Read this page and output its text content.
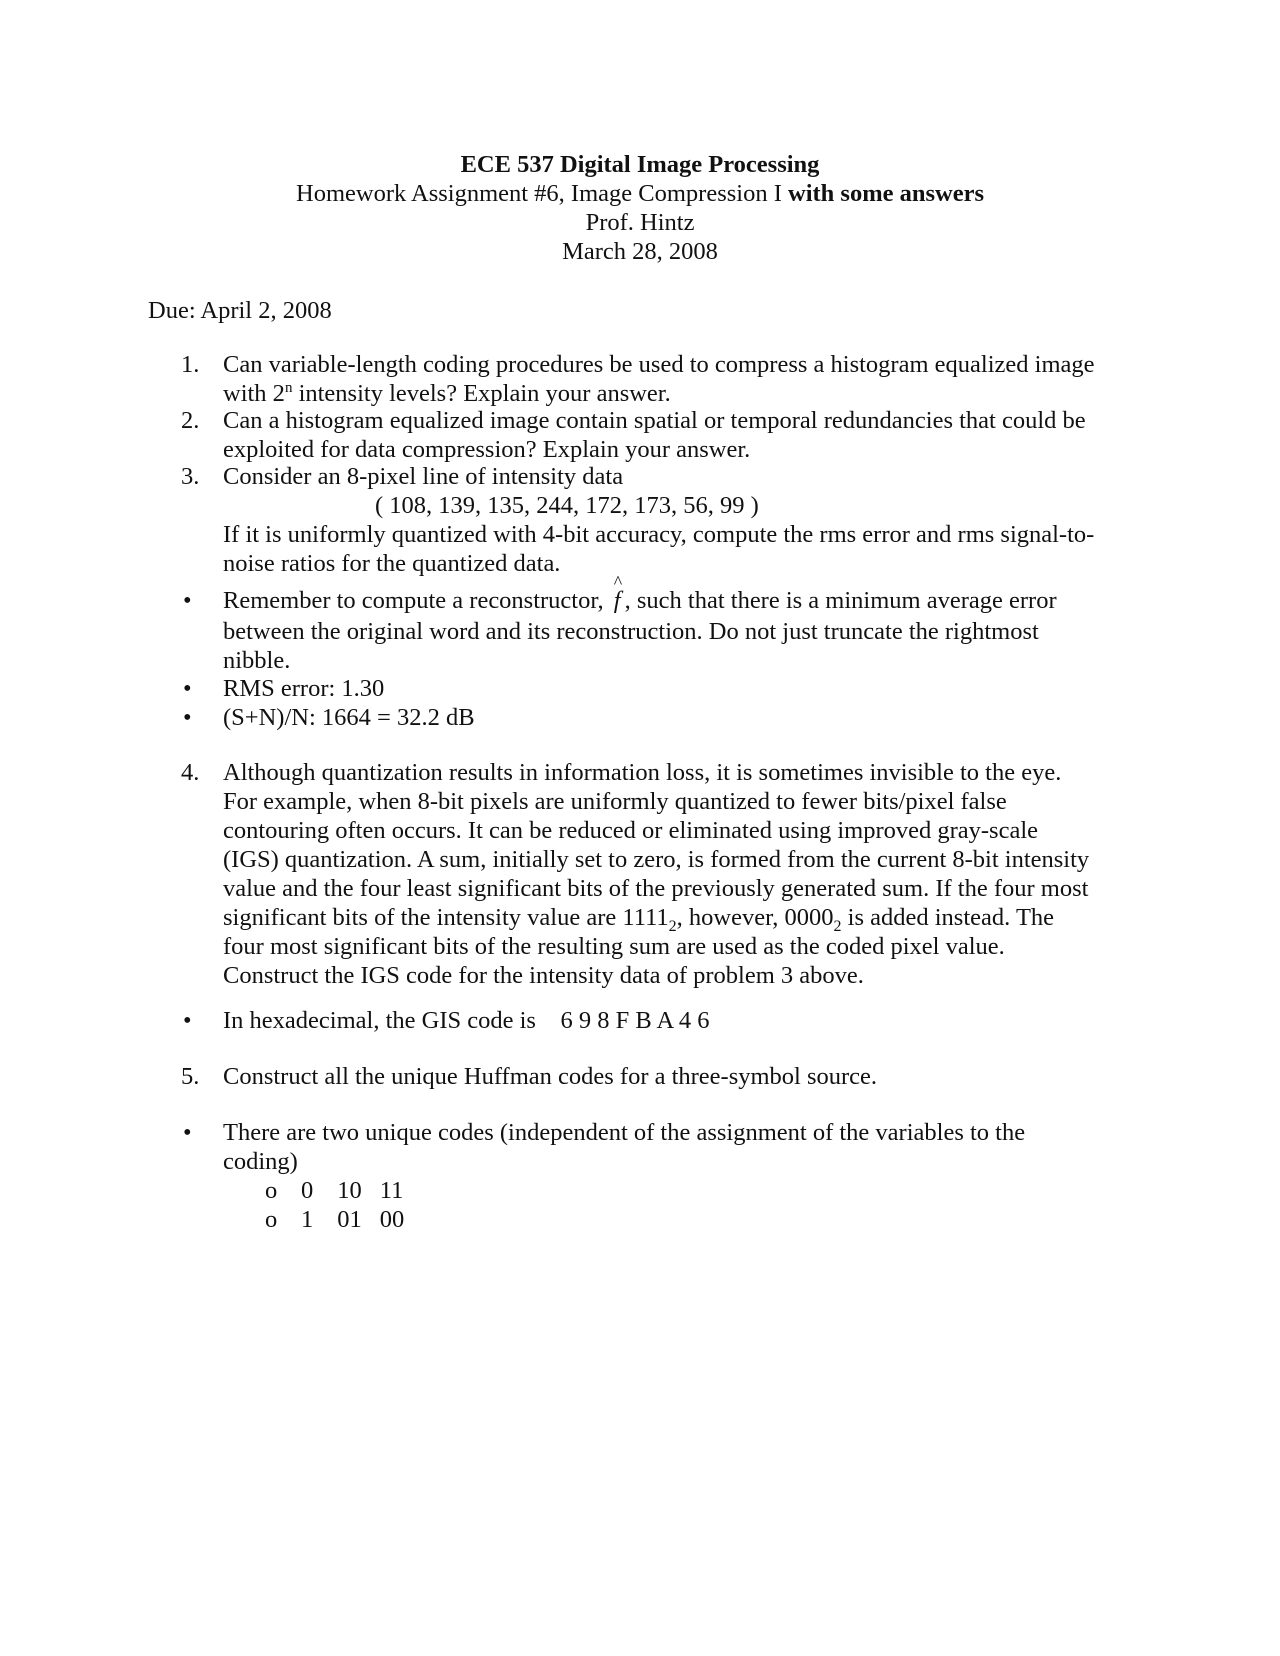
ECE 537 Digital Image Processing
Homework Assignment #6, Image Compression I with some answers
Prof. Hintz
March 28, 2008
Due: April 2, 2008
1. Can variable-length coding procedures be used to compress a histogram equalized image
with 2$^n$ intensity levels? Explain your answer.
2. Can a histogram equalized image contain spatial or temporal redundancies that could be
exploited for data compression? Explain your answer.
3. Consider an 8-pixel line of intensity data
( 108, 139, 135, 244, 172, 173, 56, 99 )
If it is uniformly quantized with 4-bit accuracy, compute the rms error and rms signal-to-
noise ratios for the quantized data.
• Remember to compute a reconstructor,
^
f , such that there is a minimum average error
between the original word and its reconstruction. Do not just truncate the rightmost
nibble.
• RMS error: 1.30
• (S+N)/N: 1664 = 32.2 dB
4. Although quantization results in information loss, it is sometimes invisible to the eye.
For example, when 8-bit pixels are uniformly quantized to fewer bits/pixel false
contouring often occurs. It can be reduced or eliminated using improved gray-scale
(IGS) quantization. A sum, initially set to zero, is formed from the current 8-bit intensity
value and the four least significant bits of the previously generated sum. If the four most
significant bits of the intensity value are $1111_2$, however, $0000_2$ is added instead. The
four most significant bits of the resulting sum are used as the coded pixel value.
Construct the IGS code for the intensity data of problem 3 above.
• In hexadecimal, the GIS code is    6 9 8 F B A 4 6
5. Construct all the unique Huffman codes for a three-symbol source.
• There are two unique codes (independent of the assignment of the variables to the
coding)
o 0 10 11
o 1 01 00
